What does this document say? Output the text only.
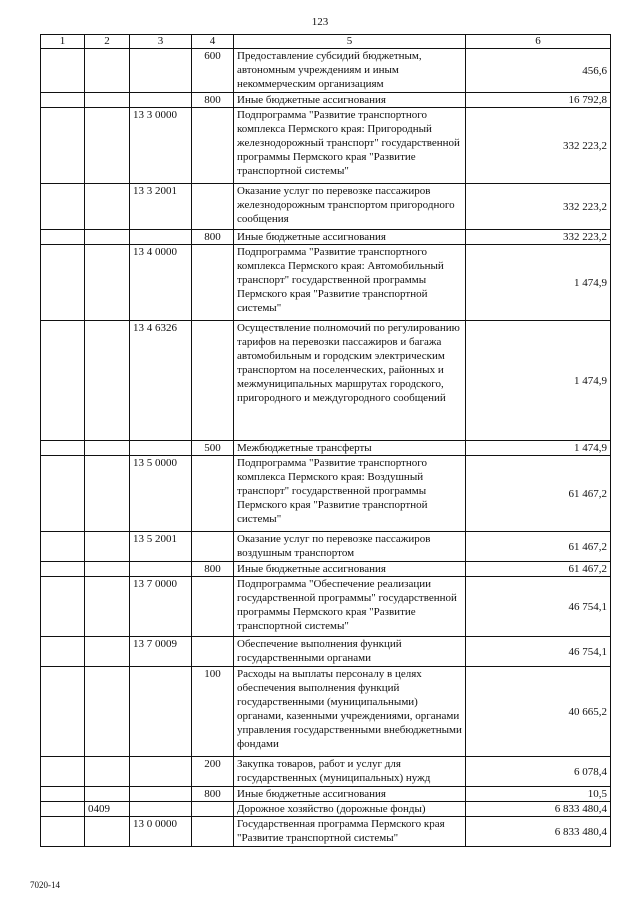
123
1	2	3	4	5	6
			600	Предоставление субсидий бюджетным, автономным учреждениям и иным некоммерческим организациям	456,6
			800	Иные бюджетные ассигнования	16 792,8
		13 3 0000		Подпрограмма "Развитие транспортного комплекса Пермского края: Пригородный железнодорожный транспорт" государственной программы Пермского края "Развитие транспортной системы"	332 223,2
		13 3 2001		Оказание услуг по перевозке пассажиров железнодорожным транспортом пригородного сообщения	332 223,2
			800	Иные бюджетные ассигнования	332 223,2
		13 4 0000		Подпрограмма "Развитие транспортного комплекса Пермского края: Автомобильный транспорт" государственной программы Пермского края "Развитие транспортной системы"	1 474,9
		13 4 6326		Осуществление полномочий по регулированию тарифов на перевозки пассажиров и багажа автомобильным и городским электрическим транспортом на поселенческих, районных и межмуниципальных маршрутах городского, пригородного и междугородного сообщений	1 474,9
			500	Межбюджетные трансферты	1 474,9
		13 5 0000		Подпрограмма "Развитие транспортного комплекса Пермского края: Воздушный транспорт" государственной программы Пермского края "Развитие транспортной системы"	61 467,2
		13 5 2001		Оказание услуг по перевозке пассажиров воздушным транспортом	61 467,2
			800	Иные бюджетные ассигнования	61 467,2
		13 7 0000		Подпрограмма "Обеспечение реализации государственной программы" государственной программы Пермского края "Развитие транспортной системы"	46 754,1
		13 7 0009		Обеспечение выполнения функций государственными органами	46 754,1
			100	Расходы на выплаты персоналу в целях обеспечения выполнения функций государственными (муниципальными) органами, казенными учреждениями, органами управления государственными внебюджетными фондами	40 665,2
			200	Закупка товаров, работ и услуг для государственных (муниципальных) нужд	6 078,4
			800	Иные бюджетные ассигнования	10,5
	0409			Дорожное хозяйство (дорожные фонды)	6 833 480,4
		13 0 0000		Государственная программа Пермского края "Развитие транспортной системы"	6 833 480,4
7020-14
